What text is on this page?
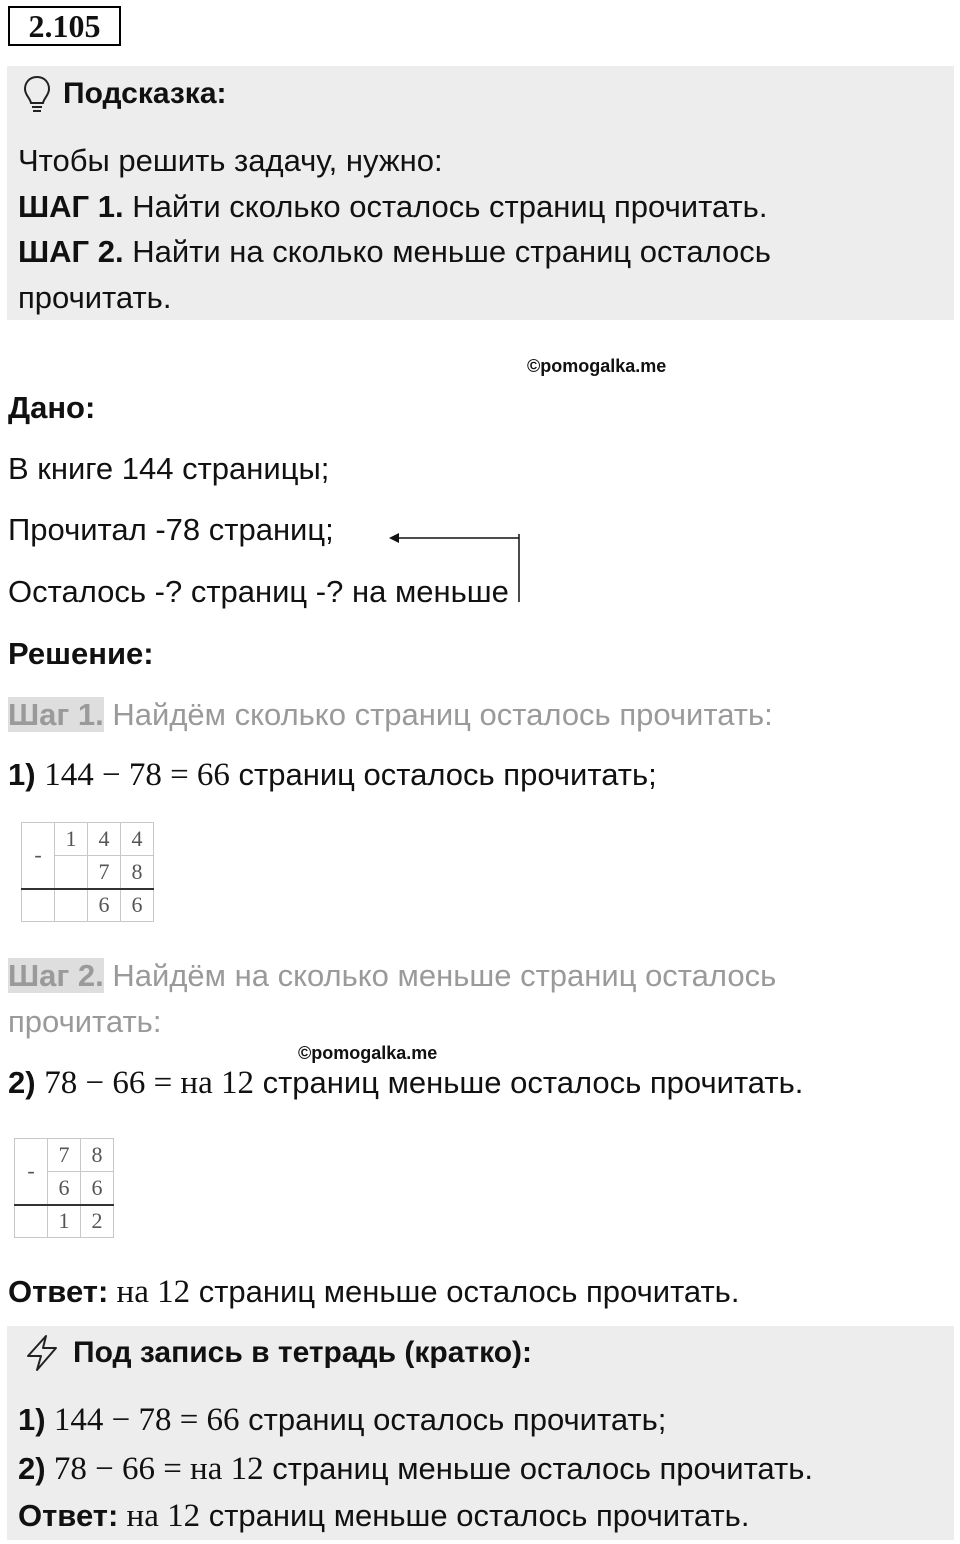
2.105
Подсказка:
Чтобы решить задачу, нужно:
ШАГ 1. Найти сколько осталось страниц прочитать.
ШАГ 2. Найти на сколько меньше страниц осталось
прочитать.
©pomogalka.me
Дано:
В книге 144 страницы;
Прочитал -78 страниц;
Осталось -? страниц -? на меньше
Решение:
Шаг 1. Найдём сколько страниц осталось прочитать:
1) 144 − 78 = 66 страниц осталось прочитать;
-	1	4	4
		7	8
		6	6
Шаг 2. Найдём на сколько меньше страниц осталось
прочитать:
©pomogalka.me
2) 78 − 66 = на 12 страниц меньше осталось прочитать.
-	7	8
	6	6
	1	2
Ответ: на 12 страниц меньше осталось прочитать.
Под запись в тетрадь (кратко):
1) 144 − 78 = 66 страниц осталось прочитать;
2) 78 − 66 = на 12 страниц меньше осталось прочитать.
Ответ: на 12 страниц меньше осталось прочитать.
